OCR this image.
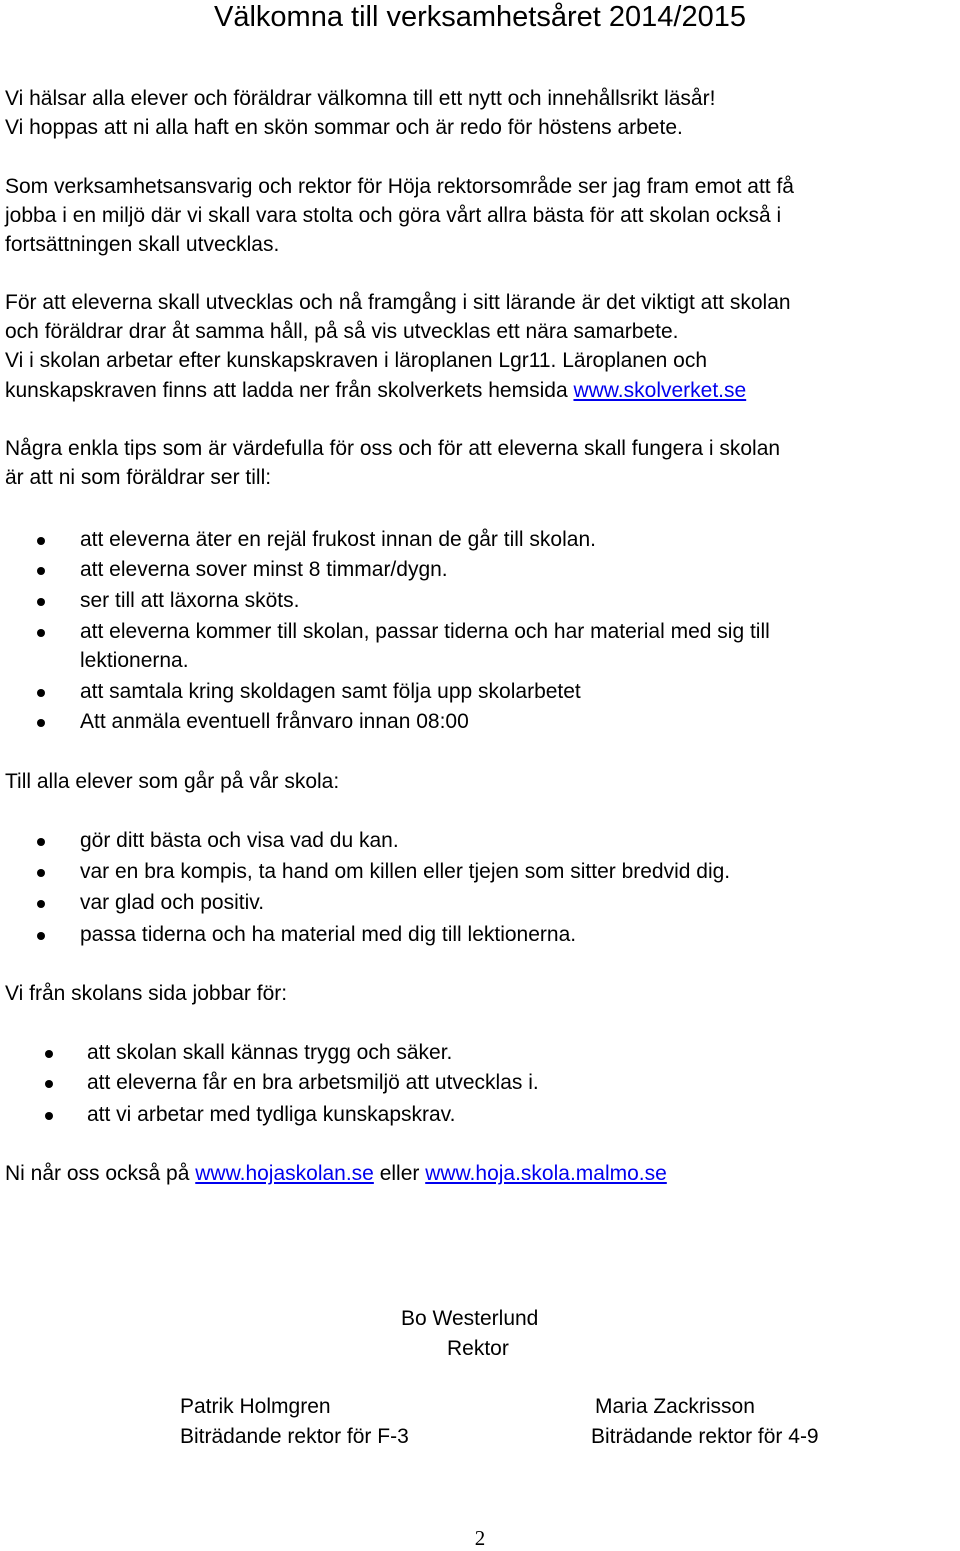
Välkomna till verksamhetsåret 2014/2015
Vi hälsar alla elever och föräldrar välkomna till ett nytt och innehållsrikt läsår!
Vi hoppas att ni alla haft en skön sommar och är redo för höstens arbete.
Som verksamhetsansvarig och rektor för Höja rektorsområde ser jag fram emot att få
jobba i en miljö där vi skall vara stolta och göra vårt allra bästa för att skolan också i
fortsättningen skall utvecklas.
För att eleverna skall utvecklas och nå framgång i sitt lärande är det viktigt att skolan
och föräldrar drar åt samma håll, på så vis utvecklas ett nära samarbete.
Vi i skolan arbetar efter kunskapskraven i läroplanen Lgr11. Läroplanen och
kunskapskraven finns att ladda ner från skolverkets hemsida www.skolverket.se
Några enkla tips som är värdefulla för oss och för att eleverna skall fungera i skolan
är att ni som föräldrar ser till:
att eleverna äter en rejäl frukost innan de går till skolan.
att eleverna sover minst 8 timmar/dygn.
ser till att läxorna sköts.
att eleverna kommer till skolan, passar tiderna och har material med sig till
lektionerna.
att samtala kring skoldagen samt följa upp skolarbetet
Att anmäla eventuell frånvaro innan 08:00
Till alla elever som går på vår skola:
gör ditt bästa och visa vad du kan.
var en bra kompis, ta hand om killen eller tjejen som sitter bredvid dig.
var glad och positiv.
passa tiderna och ha material med dig till lektionerna.
Vi från skolans sida jobbar för:
att skolan skall kännas trygg och säker.
att eleverna får en bra arbetsmiljö att utvecklas i.
att vi arbetar med tydliga kunskapskrav.
Ni når oss också på www.hojaskolan.se eller www.hoja.skola.malmo.se
Bo Westerlund
Rektor
Patrik Holmgren
Biträdande rektor för F-3
Maria Zackrisson
Biträdande rektor för 4-9
2
